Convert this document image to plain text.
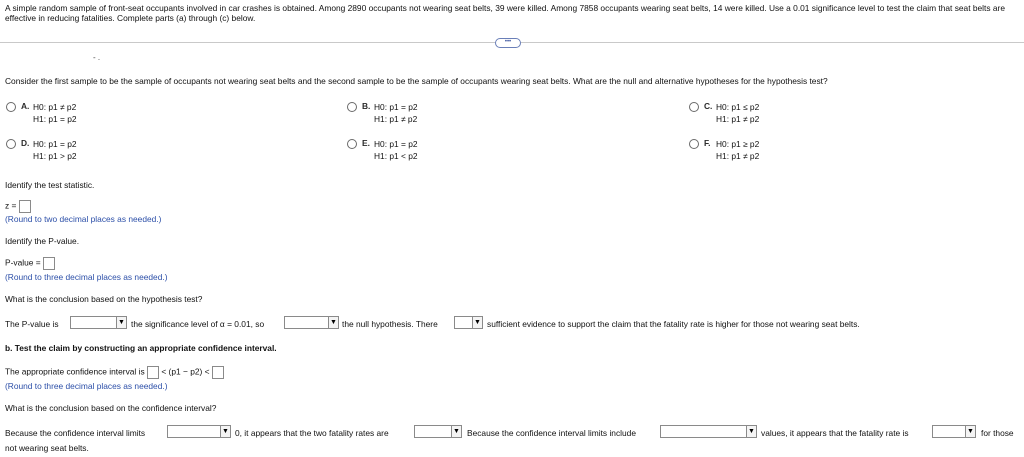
A simple random sample of front-seat occupants involved in car crashes is obtained. Among 2890 occupants not wearing seat belts, 39 were killed. Among 7858 occupants wearing seat belts, 14 were killed. Use a 0.01 significance level to test the claim that seat belts are effective in reducing fatalities. Complete parts (a) through (c) below.
•••
- .
Consider the first sample to be the sample of occupants not wearing seat belts and the second sample to be the sample of occupants wearing seat belts. What are the null and alternative hypotheses for the hypothesis test?
A. H0: p1 ≠ p2
H1: p1 = p2
B. H0: p1 = p2
H1: p1 ≠ p2
C. H0: p1 ≤ p2
H1: p1 ≠ p2
D. H0: p1 = p2
H1: p1 > p2
E. H0: p1 = p2
H1: p1 < p2
F. H0: p1 ≥ p2
H1: p1 ≠ p2
Identify the test statistic.
z =
(Round to two decimal places as needed.)
Identify the P-value.
P-value =
(Round to three decimal places as needed.)
What is the conclusion based on the hypothesis test?
The P-value is	▼ the significance level of α = 0.01, so	▼ the null hypothesis. There	▼ sufficient evidence to support the claim that the fatality rate is higher for those not wearing seat belts.
b. Test the claim by constructing an appropriate confidence interval.
The appropriate confidence interval is < (p1 − p2) <
(Round to three decimal places as needed.)
What is the conclusion based on the confidence interval?
Because the confidence interval limits	▼ 0, it appears that the two fatality rates are	▼ Because the confidence interval limits include	▼ values, it appears that the fatality rate is	▼ for those
not wearing seat belts.
